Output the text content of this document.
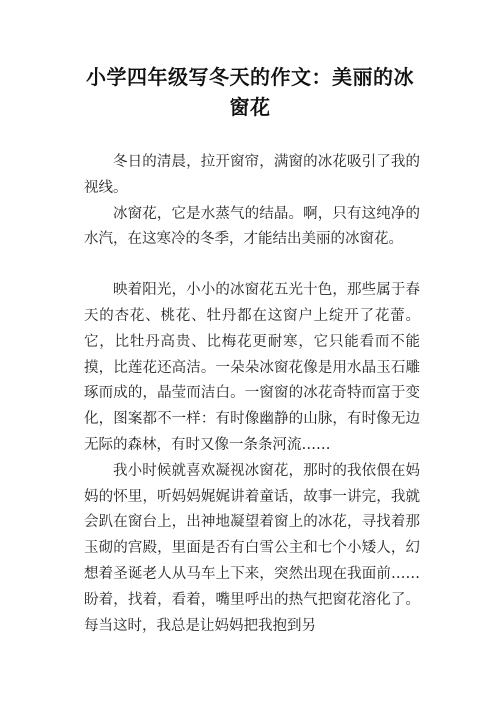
小学四年级写冬天的作文：美丽的冰窗花

冬日的清晨，拉开窗帘，满窗的冰花吸引了我的视线。

冰窗花，它是水蒸气的结晶。啊，只有这纯净的水汽，在这寒冷的冬季，才能结出美丽的冰窗花。

映着阳光，小小的冰窗花五光十色，那些属于春天的杏花、桃花、牡丹都在这窗户上绽开了花蕾。它，比牡丹高贵、比梅花更耐寒，它只能看而不能摸，比莲花还高洁。一朵朵冰窗花像是用水晶玉石雕琢而成的，晶莹而洁白。一窗窗的冰花奇特而富于变化，图案都不一样：有时像幽静的山脉，有时像无边无际的森林，有时又像一条条河流……

我小时候就喜欢凝视冰窗花，那时的我依偎在妈妈的怀里，听妈妈娓娓讲着童话，故事一讲完，我就会趴在窗台上，出神地凝望着窗上的冰花，寻找着那玉砌的宫殿，里面是否有白雪公主和七个小矮人，幻想着圣诞老人从马车上下来，突然出现在我面前……盼着，找着，看着，嘴里呼出的热气把窗花溶化了。每当这时，我总是让妈妈把我抱到另
